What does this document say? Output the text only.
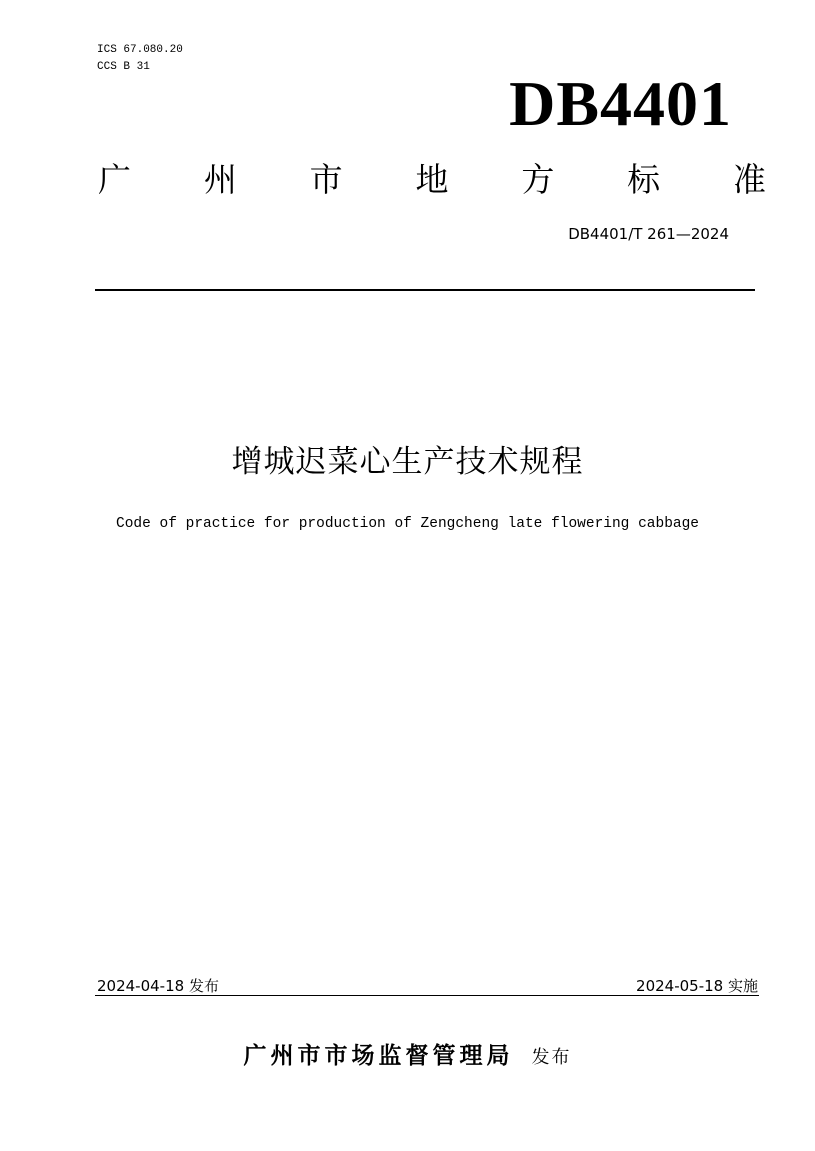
ICS 67.080.20
CCS B 31
DB4401
广 州 市 地 方 标 准
DB4401/T 261—2024
增城迟菜心生产技术规程
Code of practice for production of Zengcheng late flowering cabbage
2024-04-18 发布	2024-05-18 实施
广州市市场监督管理局 发布
